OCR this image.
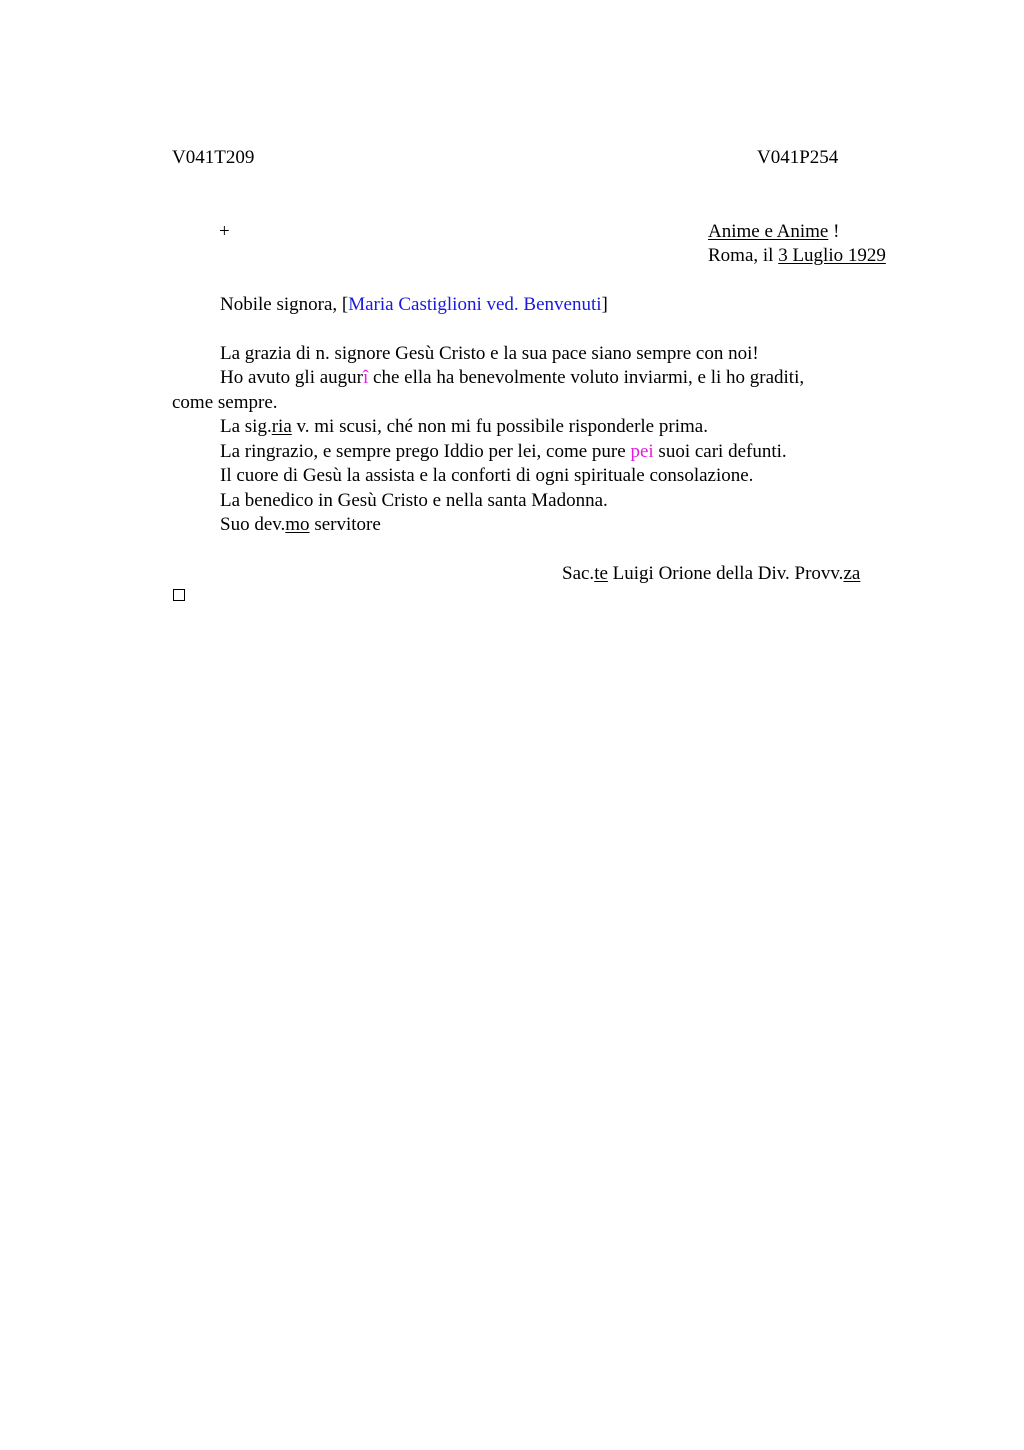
V041T209	V041P254
+	Anime e Anime !
Roma, il 3 Luglio 1929
Nobile signora, [Maria Castiglioni ved. Benvenuti]
La grazia di n. signore Gesù Cristo e la sua pace siano sempre con noi!
Ho avuto gli augurî che ella ha benevolmente voluto inviarmi, e li ho graditi,
come sempre.
La sig.ria v. mi scusi, ché non mi fu possibile risponderle prima.
La ringrazio, e sempre prego Iddio per lei, come pure pei suoi cari defunti.
Il cuore di Gesù la assista e la conforti di ogni spirituale consolazione.
La benedico in Gesù Cristo e nella santa Madonna.
Suo dev.mo servitore
Sac.te Luigi Orione della Div. Provv.za
